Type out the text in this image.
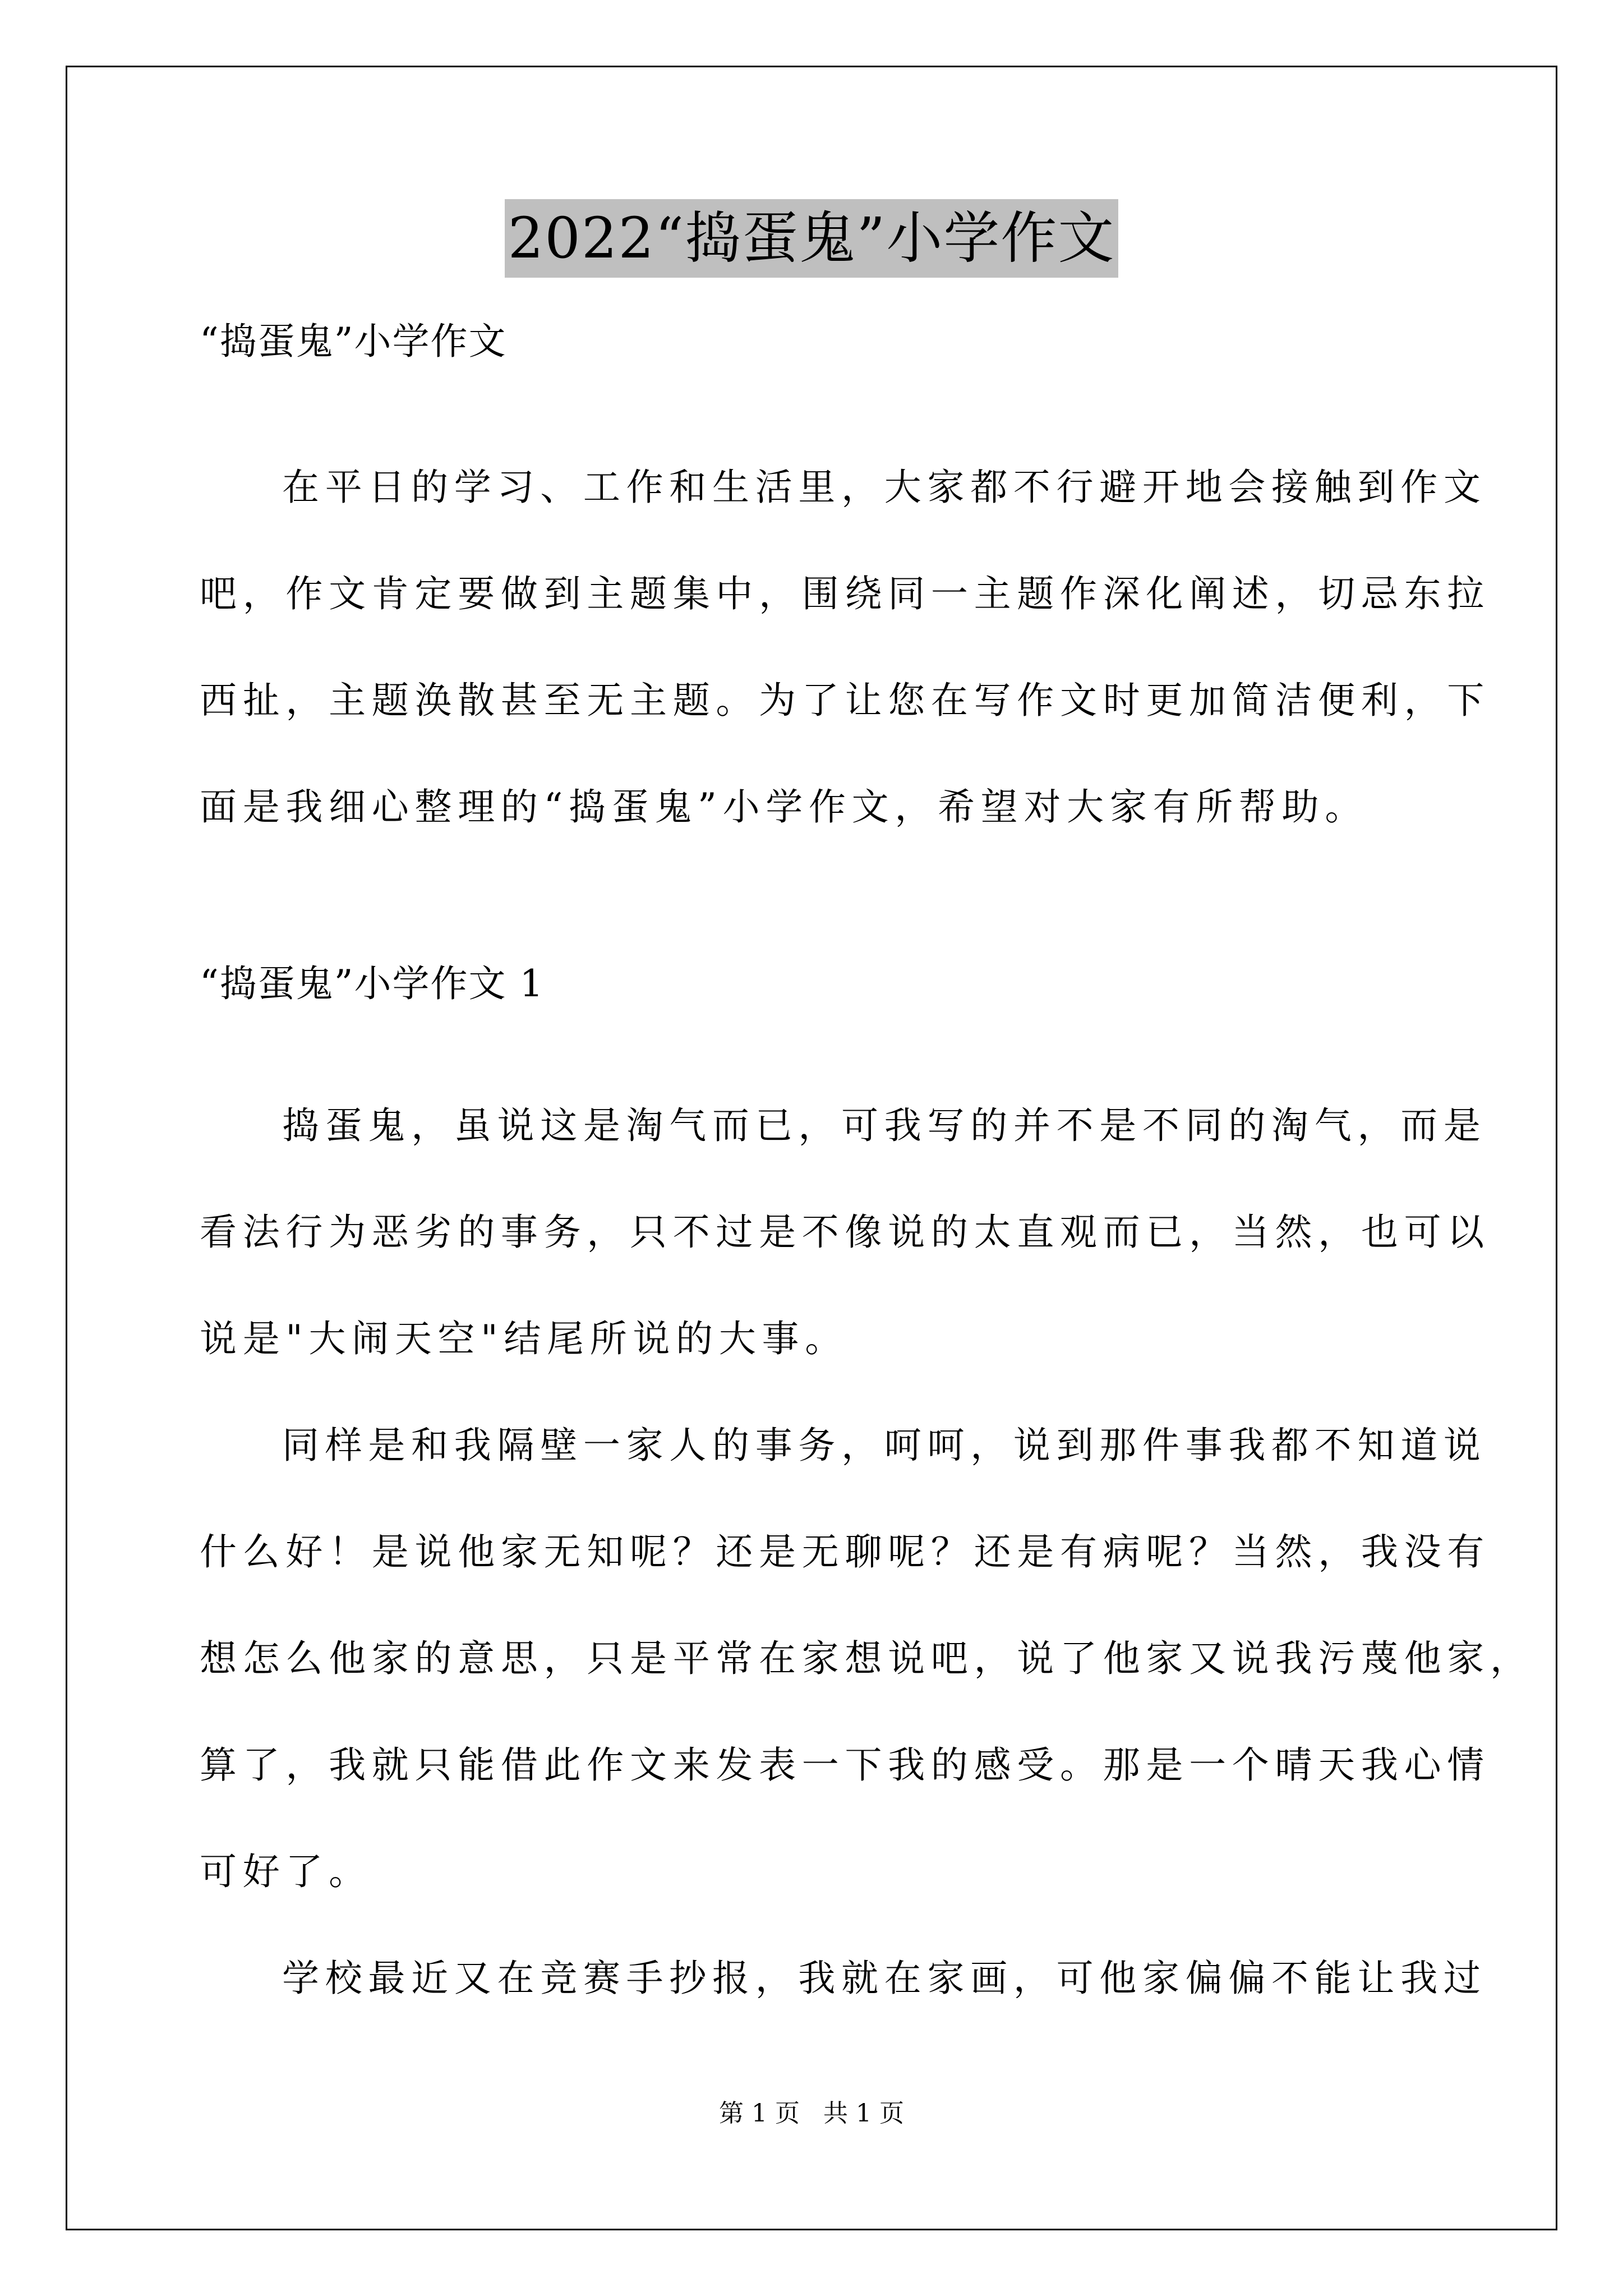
2022“捣蛋鬼”小学作文
“捣蛋鬼”小学作文
在平日的学习、工作和生活里，大家都不行避开地会接触到作文
吧，作文肯定要做到主题集中，围绕同一主题作深化阐述，切忌东拉
西扯，主题涣散甚至无主题。为了让您在写作文时更加简洁便利，下
面是我细心整理的“捣蛋鬼”小学作文，希望对大家有所帮助。
“捣蛋鬼”小学作文 1
捣蛋鬼，虽说这是淘气而已，可我写的并不是不同的淘气，而是
看法行为恶劣的事务，只不过是不像说的太直观而已，当然，也可以
说是"大闹天空"结尾所说的大事。
同样是和我隔壁一家人的事务，呵呵，说到那件事我都不知道说
什么好！是说他家无知呢？还是无聊呢？还是有病呢？当然，我没有
想怎么他家的意思，只是平常在家想说吧，说了他家又说我污蔑他家，
算了，我就只能借此作文来发表一下我的感受。那是一个晴天我心情
可好了。
学校最近又在竞赛手抄报，我就在家画，可他家偏偏不能让我过
第 1 页   共 1 页
